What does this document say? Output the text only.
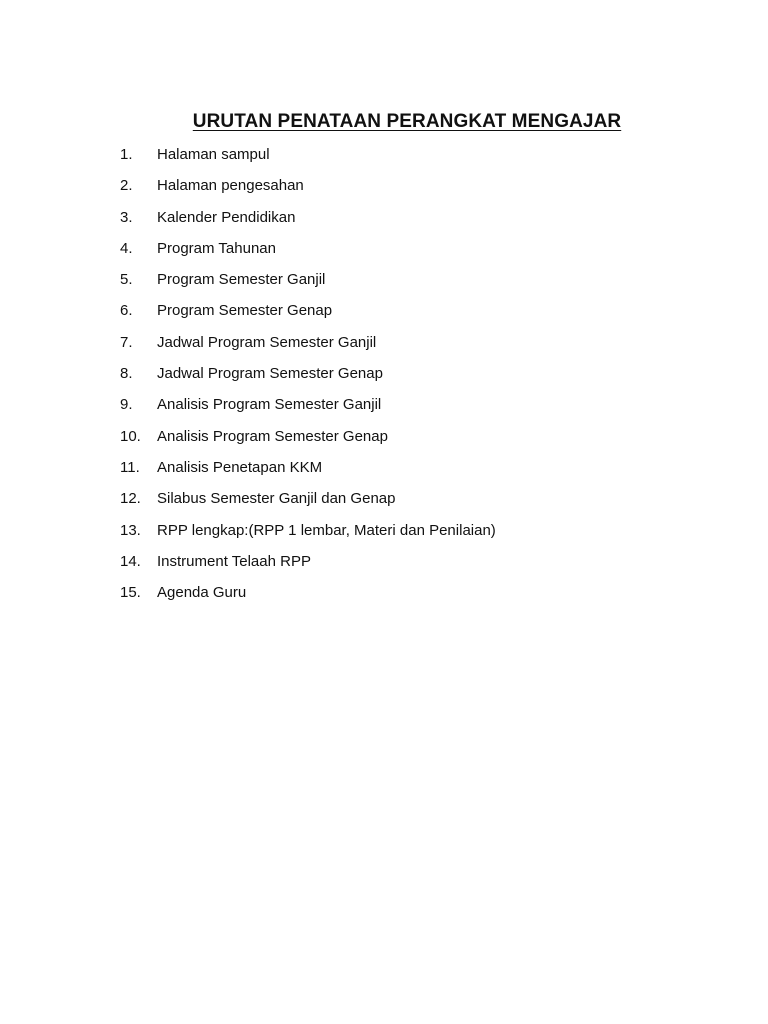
URUTAN PENATAAN PERANGKAT MENGAJAR
1.	Halaman sampul
2.	Halaman pengesahan
3.	Kalender Pendidikan
4.	Program Tahunan
5.	Program Semester Ganjil
6.	Program Semester Genap
7.	Jadwal Program Semester Ganjil
8.	Jadwal Program Semester Genap
9.	Analisis Program Semester Ganjil
10.	Analisis Program Semester Genap
11.	Analisis Penetapan KKM
12.	Silabus Semester Ganjil dan Genap
13.	RPP lengkap:(RPP 1 lembar, Materi dan Penilaian)
14.	Instrument Telaah RPP
15.	Agenda Guru
